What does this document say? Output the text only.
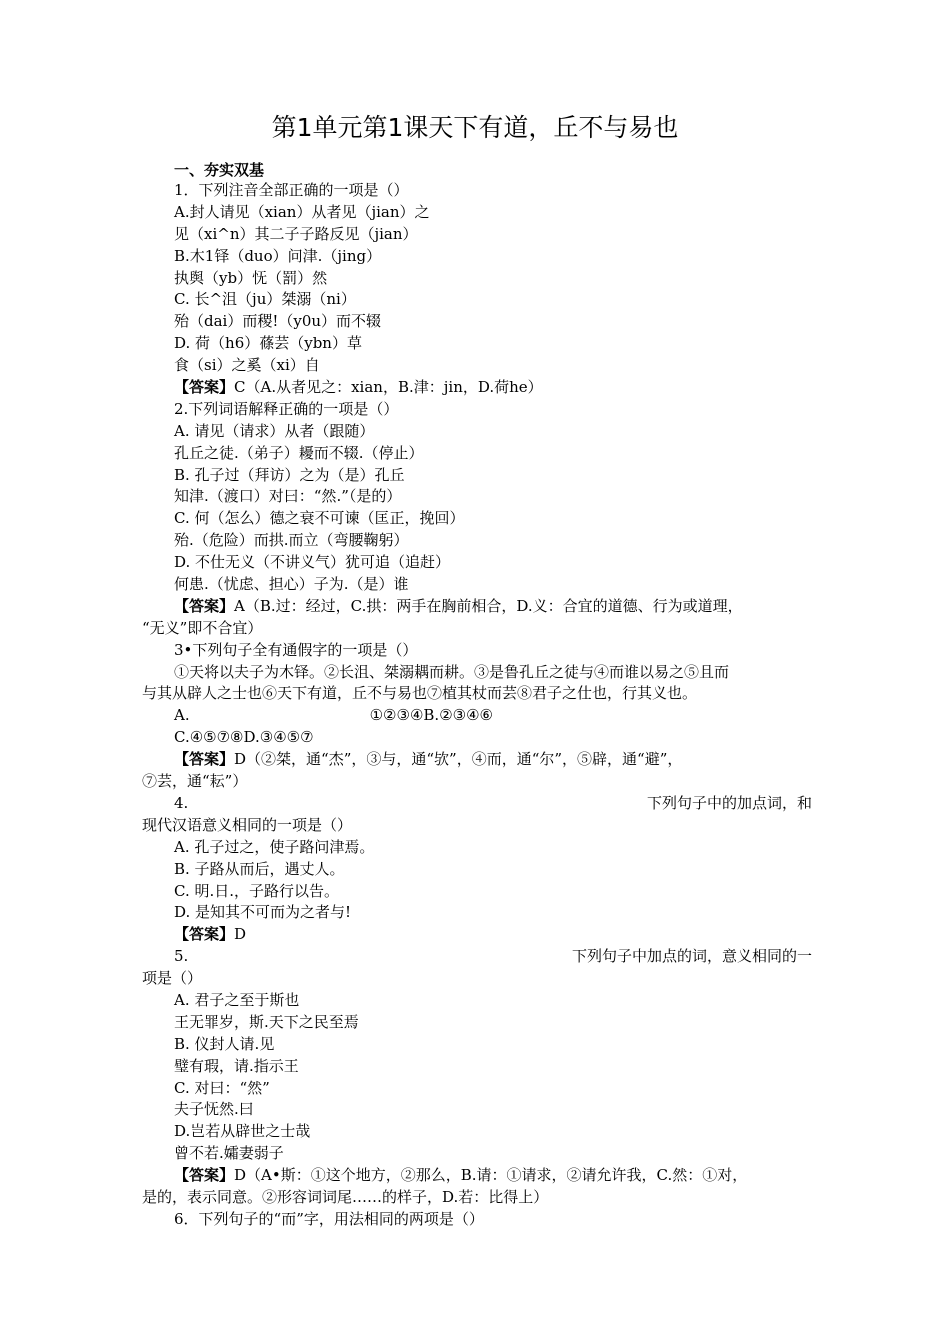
第1单元第1课天下有道，丘不与易也
一、夯实双基
1．下列注音全部正确的一项是（）
A.封人请见（xian）从者见（jian）之
见（xi^n）其二子子路反见（jian）
B.木1铎（duo）问津.（jing）
执舆（yb）怃（罰）然
C. 长^沮（ju）桀溺（ni）
殆（dai）而稷!（y0u）而不辍
D. 荷（h6）蓧芸（ybn）草
食（si）之奚（xi）自
【答案】C（A.从者见之：xian，B.津：jin，D.荷he）
2.下列词语解释正确的一项是（）
A. 请见（请求）从者（跟随）
孔丘之徒.（弟子）耰而不辍.（停止）
B. 孔子过（拜访）之为（是）孔丘
知津.（渡口）对曰：“然.”（是的）
C. 何（怎么）德之衰不可谏（匡正，挽回）
殆.（危险）而拱.而立（弯腰鞠躬）
D. 不仕无义（不讲义气）犹可追（追赶）
何患.（忧虑、担心）子为.（是）谁
【答案】A（B.过：经过，C.拱：两手在胸前相合，D.义：合宜的道德、行为或道理，
“无义”即不合宜）
3•下列句子全有通假字的一项是（）
①天将以夫子为木铎。②长沮、桀溺耦而耕。③是鲁孔丘之徒与④而谁以易之⑤且而
与其从辟人之士也⑥天下有道，丘不与易也⑦植其杖而芸⑧君子之仕也，行其义也。
A.	①②③④B.②③④⑥
C.④⑤⑦⑧D.③④⑤⑦
【答案】D（②桀，通“杰”，③与，通“欤”，④而，通“尔”，⑤辟，通“避”，
⑦芸，通“耘”）
4.	下列句子中的加点词，和
现代汉语意义相同的一项是（）
A. 孔子过之，使子路问津焉。
B. 子路从而后，遇丈人。
C. 明.日.，子路行以告。
D. 是知其不可而为之者与!
【答案】D
5.	下列句子中加点的词，意义相同的一
项是（）
A. 君子之至于斯也
王无罪岁，斯.天下之民至焉
B. 仪封人请.见
璧有瑕，请.指示王
C. 对曰：“然”
夫子怃然.曰
D.岂若从辟世之士哉
曾不若.孀妻弱子
【答案】D（A•斯：①这个地方，②那么，B.请：①请求，②请允许我，C.然：①对，
是的，表示同意。②形容词词尾……的样子，D.若：比得上）
6．下列句子的“而”字，用法相同的两项是（）
